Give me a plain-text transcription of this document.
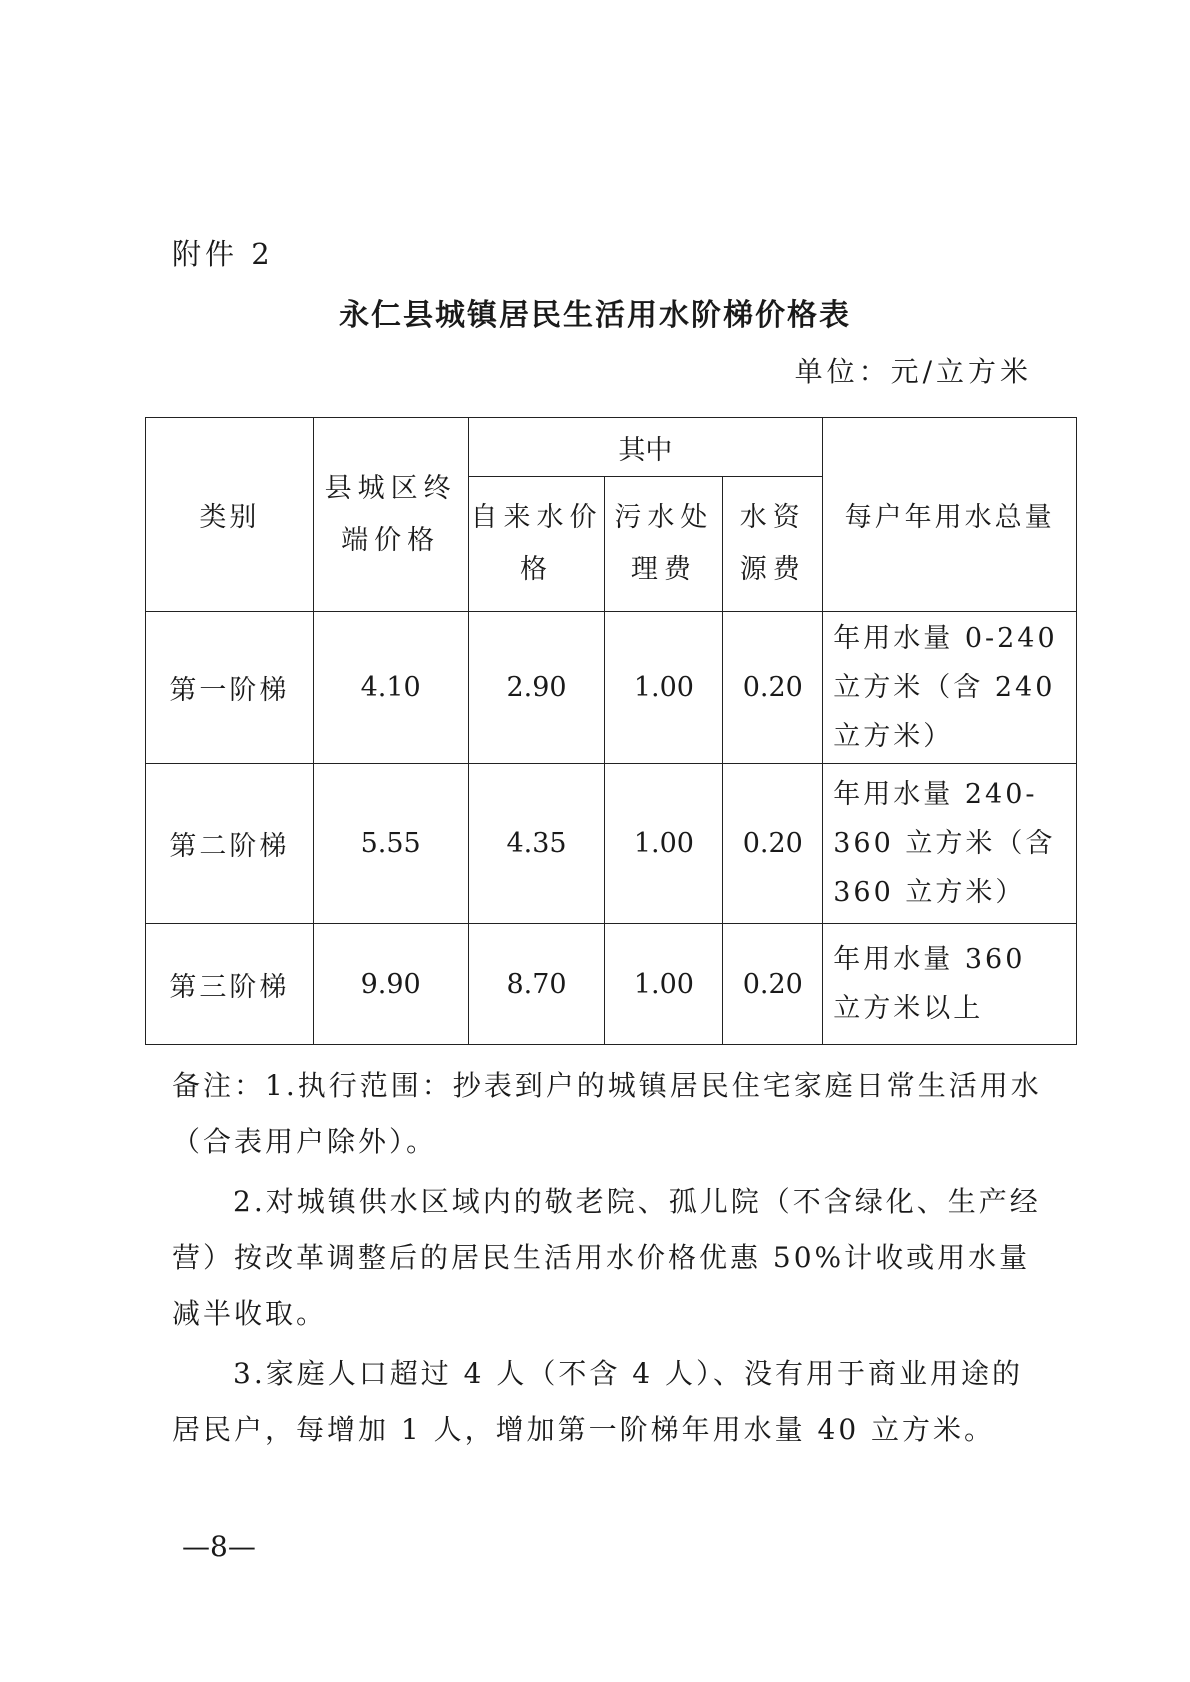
附件 2
永仁县城镇居民生活用水阶梯价格表
单位：元/立方米
类别	县城区终端价格	其中			每户年用水总量
		自来水价格	污水处理费	水资源费	
第一阶梯	4.10	2.90	1.00	0.20	年用水量 0-240 立方米（含 240 立方米）
第二阶梯	5.55	4.35	1.00	0.20	年用水量 240-360 立方米（含 360 立方米）
第三阶梯	9.90	8.70	1.00	0.20	年用水量 360 立方米以上

备注：1.执行范围：抄表到户的城镇居民住宅家庭日常生活用水（合表用户除外）。

2.对城镇供水区域内的敬老院、孤儿院（不含绿化、生产经营）按改革调整后的居民生活用水价格优惠 50%计收或用水量减半收取。

3.家庭人口超过 4 人（不含 4 人）、没有用于商业用途的居民户，每增加 1 人，增加第一阶梯年用水量 40 立方米。

—8—
